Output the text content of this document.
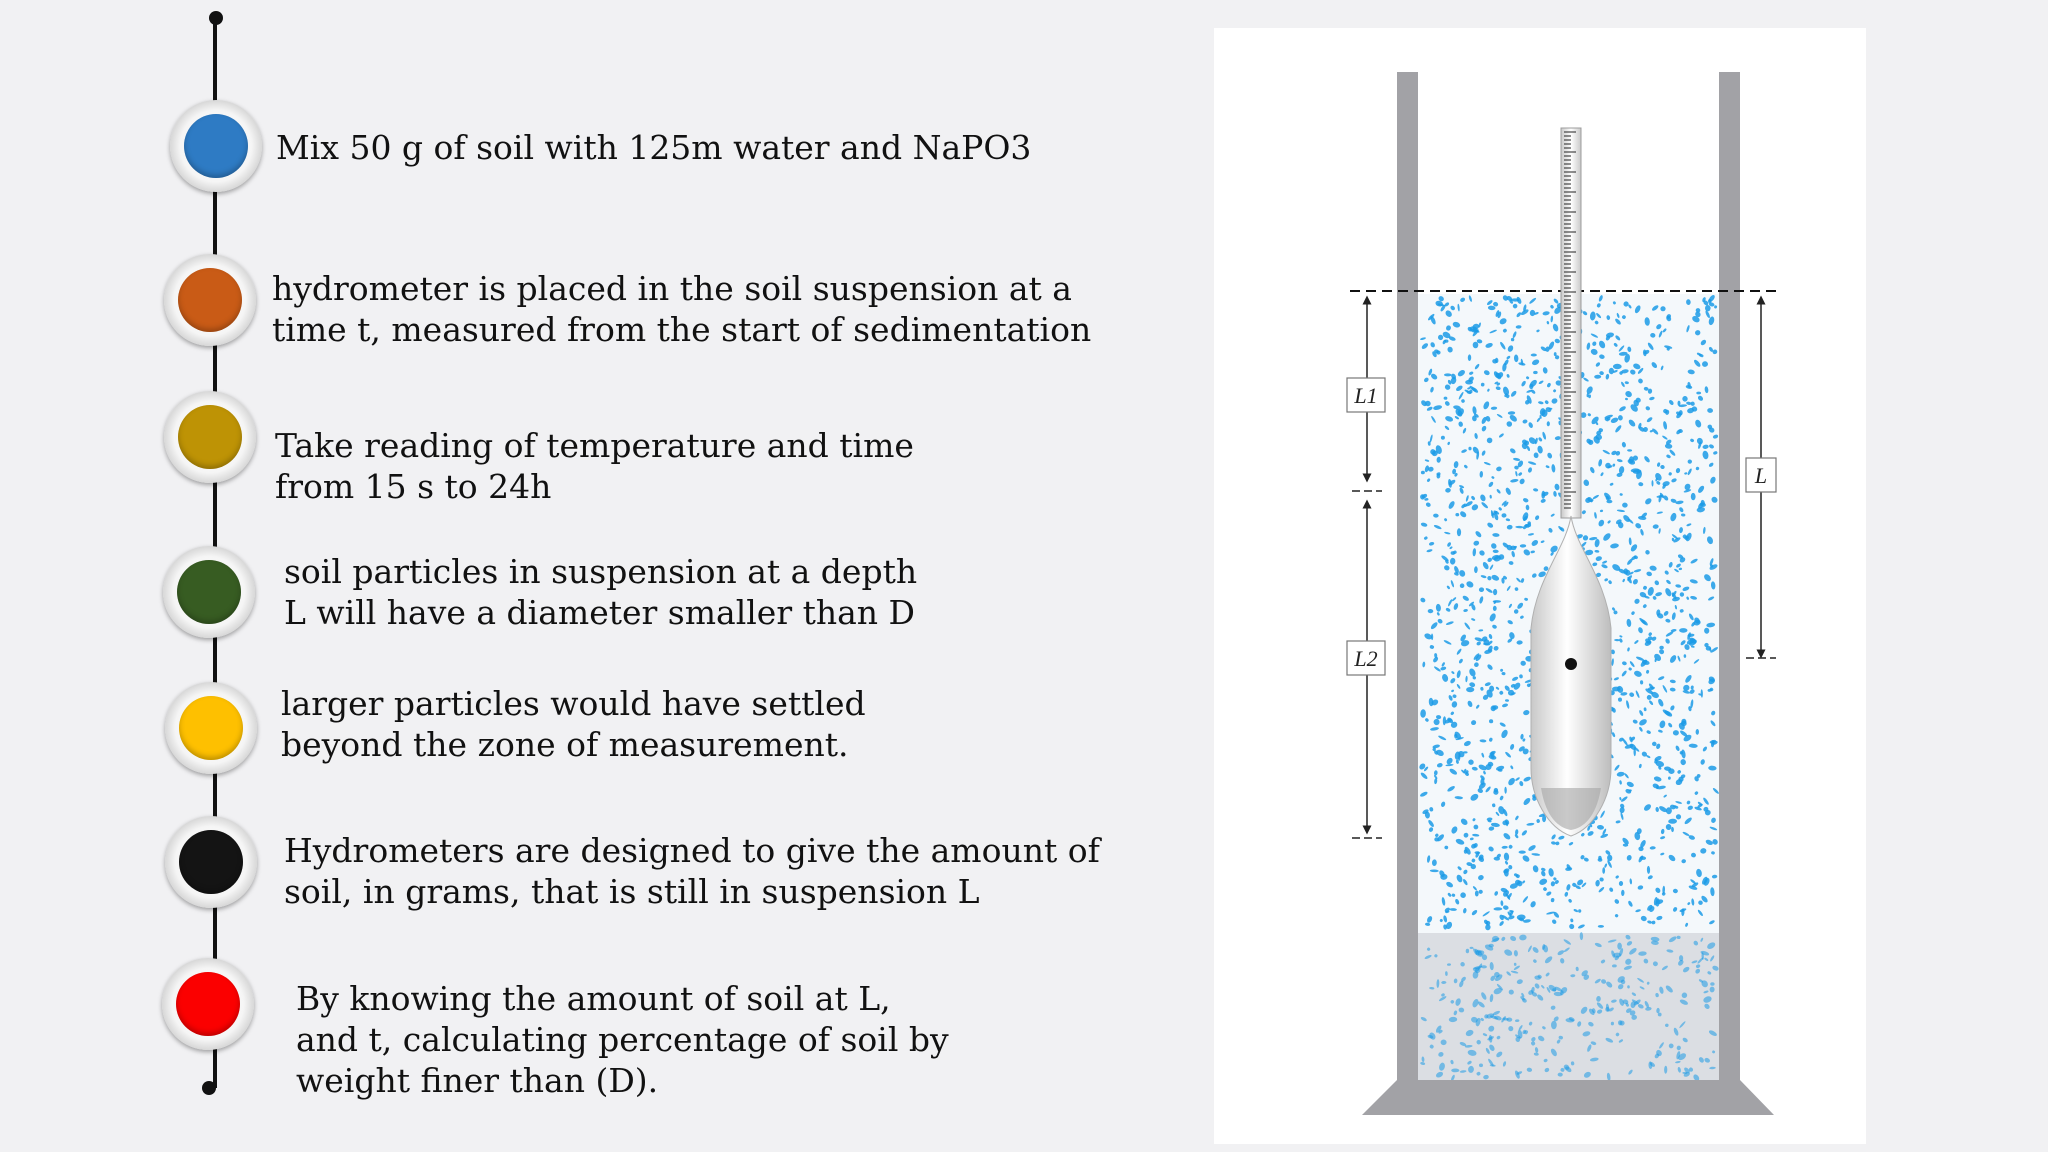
Mix 50 g of soil with 125m water and NaPO3
hydrometer is placed in the soil suspension at a
time t, measured from the start of sedimentation
Take reading of temperature and time
from 15 s to 24h
soil particles in suspension at a depth
L will have a diameter smaller than D
larger particles would have settled
beyond the zone of measurement.
Hydrometers are designed to give the amount of
soil, in grams, that is still in suspension L
By knowing the amount of soil at L,
and t, calculating percentage of soil by
weight finer than (D).
L1
L2
L
